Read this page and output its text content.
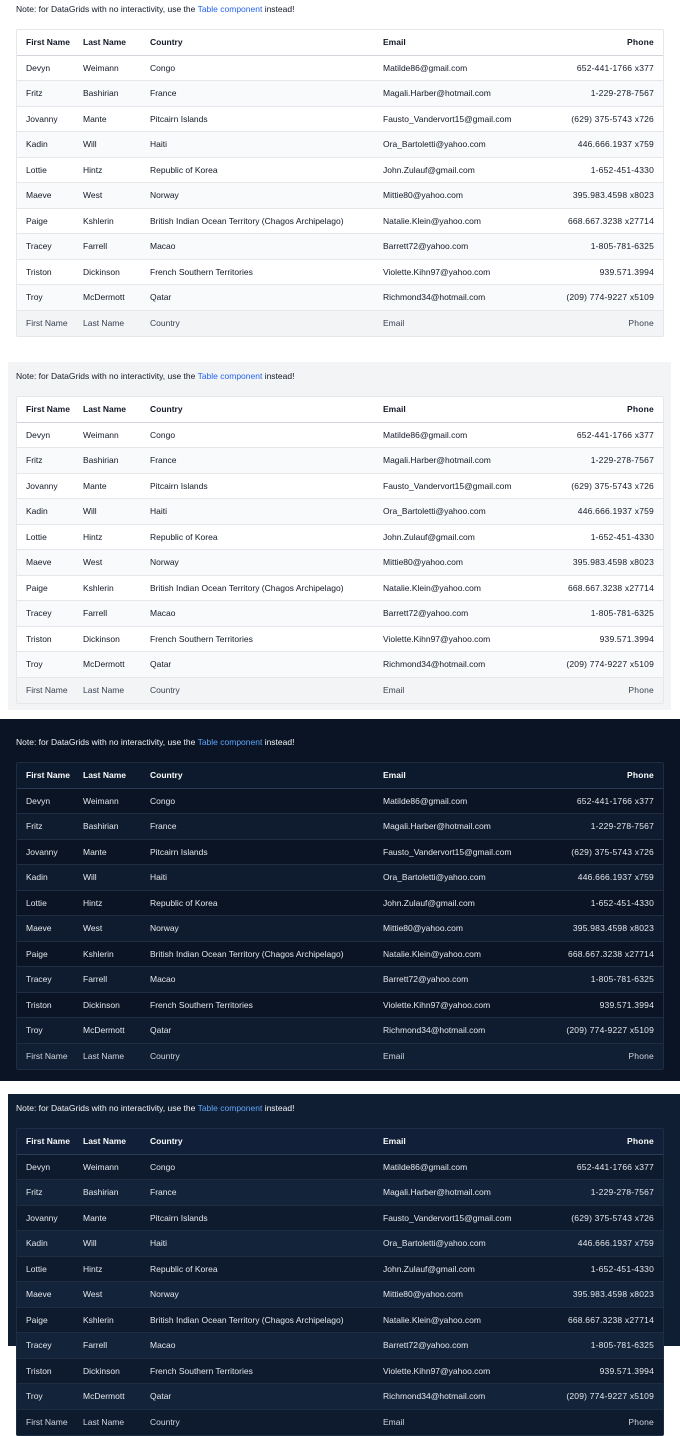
Note: for DataGrids with no interactivity, use the Table component instead!
First Name	Last Name	Country	Email	Phone
Devyn	Weimann	Congo	Matilde86@gmail.com	652-441-1766 x377
Fritz	Bashirian	France	Magali.Harber@hotmail.com	1-229-278-7567
Jovanny	Mante	Pitcairn Islands	Fausto_Vandervort15@gmail.com	(629) 375-5743 x726
Kadin	Will	Haiti	Ora_Bartoletti@yahoo.com	446.666.1937 x759
Lottie	Hintz	Republic of Korea	John.Zulauf@gmail.com	1-652-451-4330
Maeve	West	Norway	Mittie80@yahoo.com	395.983.4598 x8023
Paige	Kshlerin	British Indian Ocean Territory (Chagos Archipelago)	Natalie.Klein@yahoo.com	668.667.3238 x27714
Tracey	Farrell	Macao	Barrett72@yahoo.com	1-805-781-6325
Triston	Dickinson	French Southern Territories	Violette.Kihn97@yahoo.com	939.571.3994
Troy	McDermott	Qatar	Richmond34@hotmail.com	(209) 774-9227 x5109
First Name	Last Name	Country	Email	Phone
Note: for DataGrids with no interactivity, use the Table component instead!
First Name	Last Name	Country	Email	Phone
Devyn	Weimann	Congo	Matilde86@gmail.com	652-441-1766 x377
Fritz	Bashirian	France	Magali.Harber@hotmail.com	1-229-278-7567
Jovanny	Mante	Pitcairn Islands	Fausto_Vandervort15@gmail.com	(629) 375-5743 x726
Kadin	Will	Haiti	Ora_Bartoletti@yahoo.com	446.666.1937 x759
Lottie	Hintz	Republic of Korea	John.Zulauf@gmail.com	1-652-451-4330
Maeve	West	Norway	Mittie80@yahoo.com	395.983.4598 x8023
Paige	Kshlerin	British Indian Ocean Territory (Chagos Archipelago)	Natalie.Klein@yahoo.com	668.667.3238 x27714
Tracey	Farrell	Macao	Barrett72@yahoo.com	1-805-781-6325
Triston	Dickinson	French Southern Territories	Violette.Kihn97@yahoo.com	939.571.3994
Troy	McDermott	Qatar	Richmond34@hotmail.com	(209) 774-9227 x5109
First Name	Last Name	Country	Email	Phone
Note: for DataGrids with no interactivity, use the Table component instead!
First Name	Last Name	Country	Email	Phone
Devyn	Weimann	Congo	Matilde86@gmail.com	652-441-1766 x377
Fritz	Bashirian	France	Magali.Harber@hotmail.com	1-229-278-7567
Jovanny	Mante	Pitcairn Islands	Fausto_Vandervort15@gmail.com	(629) 375-5743 x726
Kadin	Will	Haiti	Ora_Bartoletti@yahoo.com	446.666.1937 x759
Lottie	Hintz	Republic of Korea	John.Zulauf@gmail.com	1-652-451-4330
Maeve	West	Norway	Mittie80@yahoo.com	395.983.4598 x8023
Paige	Kshlerin	British Indian Ocean Territory (Chagos Archipelago)	Natalie.Klein@yahoo.com	668.667.3238 x27714
Tracey	Farrell	Macao	Barrett72@yahoo.com	1-805-781-6325
Triston	Dickinson	French Southern Territories	Violette.Kihn97@yahoo.com	939.571.3994
Troy	McDermott	Qatar	Richmond34@hotmail.com	(209) 774-9227 x5109
First Name	Last Name	Country	Email	Phone
Note: for DataGrids with no interactivity, use the Table component instead!
First Name	Last Name	Country	Email	Phone
Devyn	Weimann	Congo	Matilde86@gmail.com	652-441-1766 x377
Fritz	Bashirian	France	Magali.Harber@hotmail.com	1-229-278-7567
Jovanny	Mante	Pitcairn Islands	Fausto_Vandervort15@gmail.com	(629) 375-5743 x726
Kadin	Will	Haiti	Ora_Bartoletti@yahoo.com	446.666.1937 x759
Lottie	Hintz	Republic of Korea	John.Zulauf@gmail.com	1-652-451-4330
Maeve	West	Norway	Mittie80@yahoo.com	395.983.4598 x8023
Paige	Kshlerin	British Indian Ocean Territory (Chagos Archipelago)	Natalie.Klein@yahoo.com	668.667.3238 x27714
Tracey	Farrell	Macao	Barrett72@yahoo.com	1-805-781-6325
Triston	Dickinson	French Southern Territories	Violette.Kihn97@yahoo.com	939.571.3994
Troy	McDermott	Qatar	Richmond34@hotmail.com	(209) 774-9227 x5109
First Name	Last Name	Country	Email	Phone
